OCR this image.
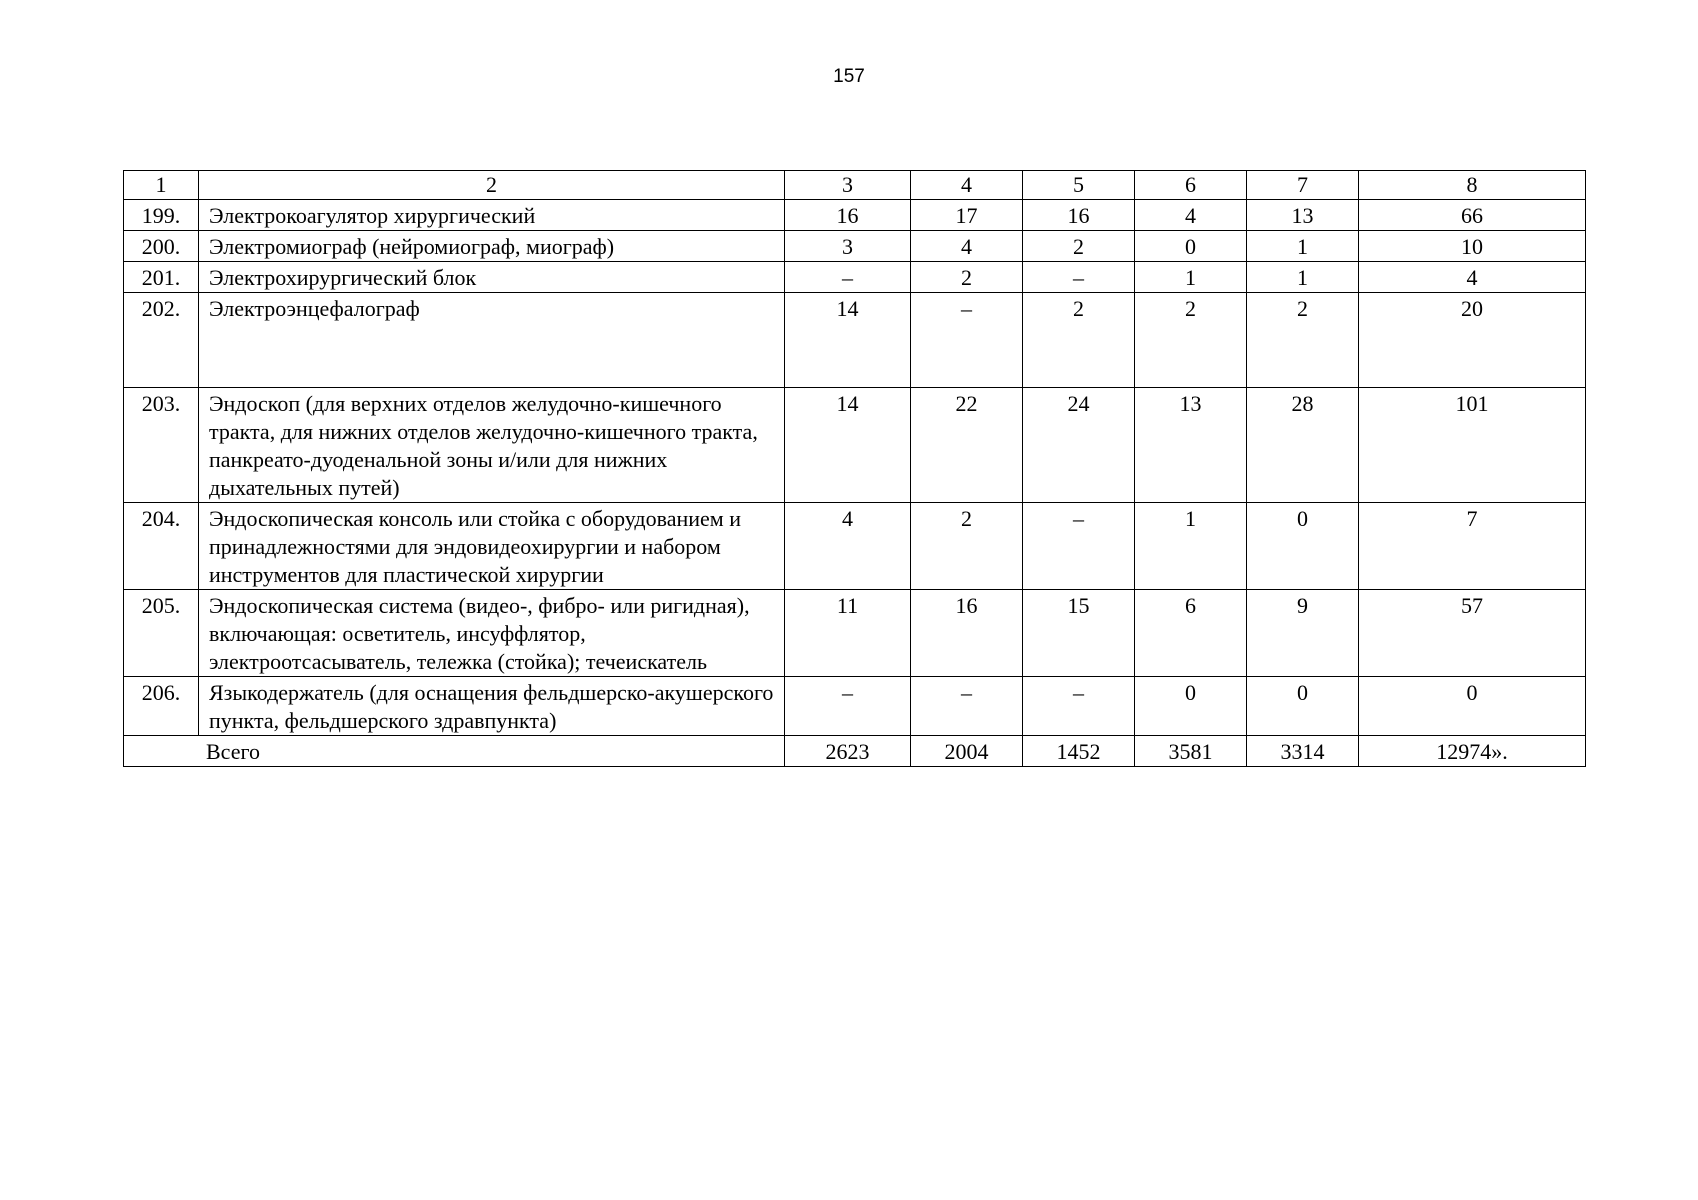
157
1	2	3	4	5	6	7	8
199.	Электрокоагулятор хирургический	16	17	16	4	13	66
200.	Электромиограф (нейромиограф, миограф)	3	4	2	0	1	10
201.	Электрохирургический блок	–	2	–	1	1	4
202.	Электроэнцефалограф	14	–	2	2	2	20
203.	Эндоскоп (для верхних отделов желудочно-кишечного тракта, для нижних отделов желудочно-кишечного тракта, панкреато-дуоденальной зоны и/или для нижних дыхательных путей)	14	22	24	13	28	101
204.	Эндоскопическая консоль или стойка с оборудованием и принадлежностями для эндовидеохирургии и набором инструментов для пластической хирургии	4	2	–	1	0	7
205.	Эндоскопическая система (видео-, фибро- или ригидная), включающая: осветитель, инсуффлятор, электроотсасыватель, тележка (стойка); течеискатель	11	16	15	6	9	57
206.	Языкодержатель (для оснащения фельдшерско-акушерского пункта, фельдшерского здравпункта)	–	–	–	0	0	0
Всего		2623	2004	1452	3581	3314	12974».
